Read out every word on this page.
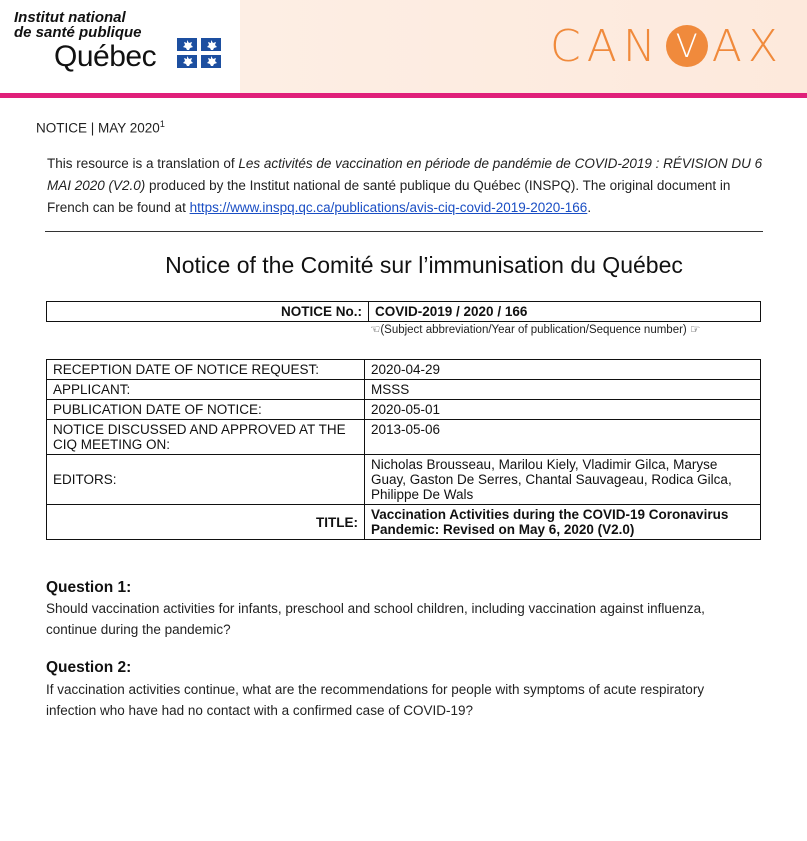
Institut national
de santé publique
Québec	CAN V AX
NOTICE | MAY 2020$^1$
This resource is a translation of Les activités de vaccination en période de pandémie de COVID-2019 : RÉVISION DU 6 MAI 2020 (V2.0) produced by the Institut national de santé publique du Québec (INSPQ). The original document in French can be found at https://www.inspq.qc.ca/publications/avis-ciq-covid-2019-2020-166.
Notice of the Comité sur l’immunisation du Québec
NOTICE No.:	COVID-2019 / 2020 / 166
☜(Subject abbreviation/Year of publication/Sequence number) ☞
RECEPTION DATE OF NOTICE REQUEST:	2020-04-29
APPLICANT:	MSSS
PUBLICATION DATE OF NOTICE:	2020-05-01
NOTICE DISCUSSED AND APPROVED AT THE CIQ MEETING ON:	2013-05-06
EDITORS:	Nicholas Brousseau, Marilou Kiely, Vladimir Gilca, Maryse Guay, Gaston De Serres, Chantal Sauvageau, Rodica Gilca, Philippe De Wals
TITLE:	Vaccination Activities during the COVID-19 Coronavirus Pandemic: Revised on May 6, 2020 (V2.0)
Question 1:
Should vaccination activities for infants, preschool and school children, including vaccination against influenza, continue during the pandemic?
Question 2:
If vaccination activities continue, what are the recommendations for people with symptoms of acute respiratory infection who have had no contact with a confirmed case of COVID-19?
